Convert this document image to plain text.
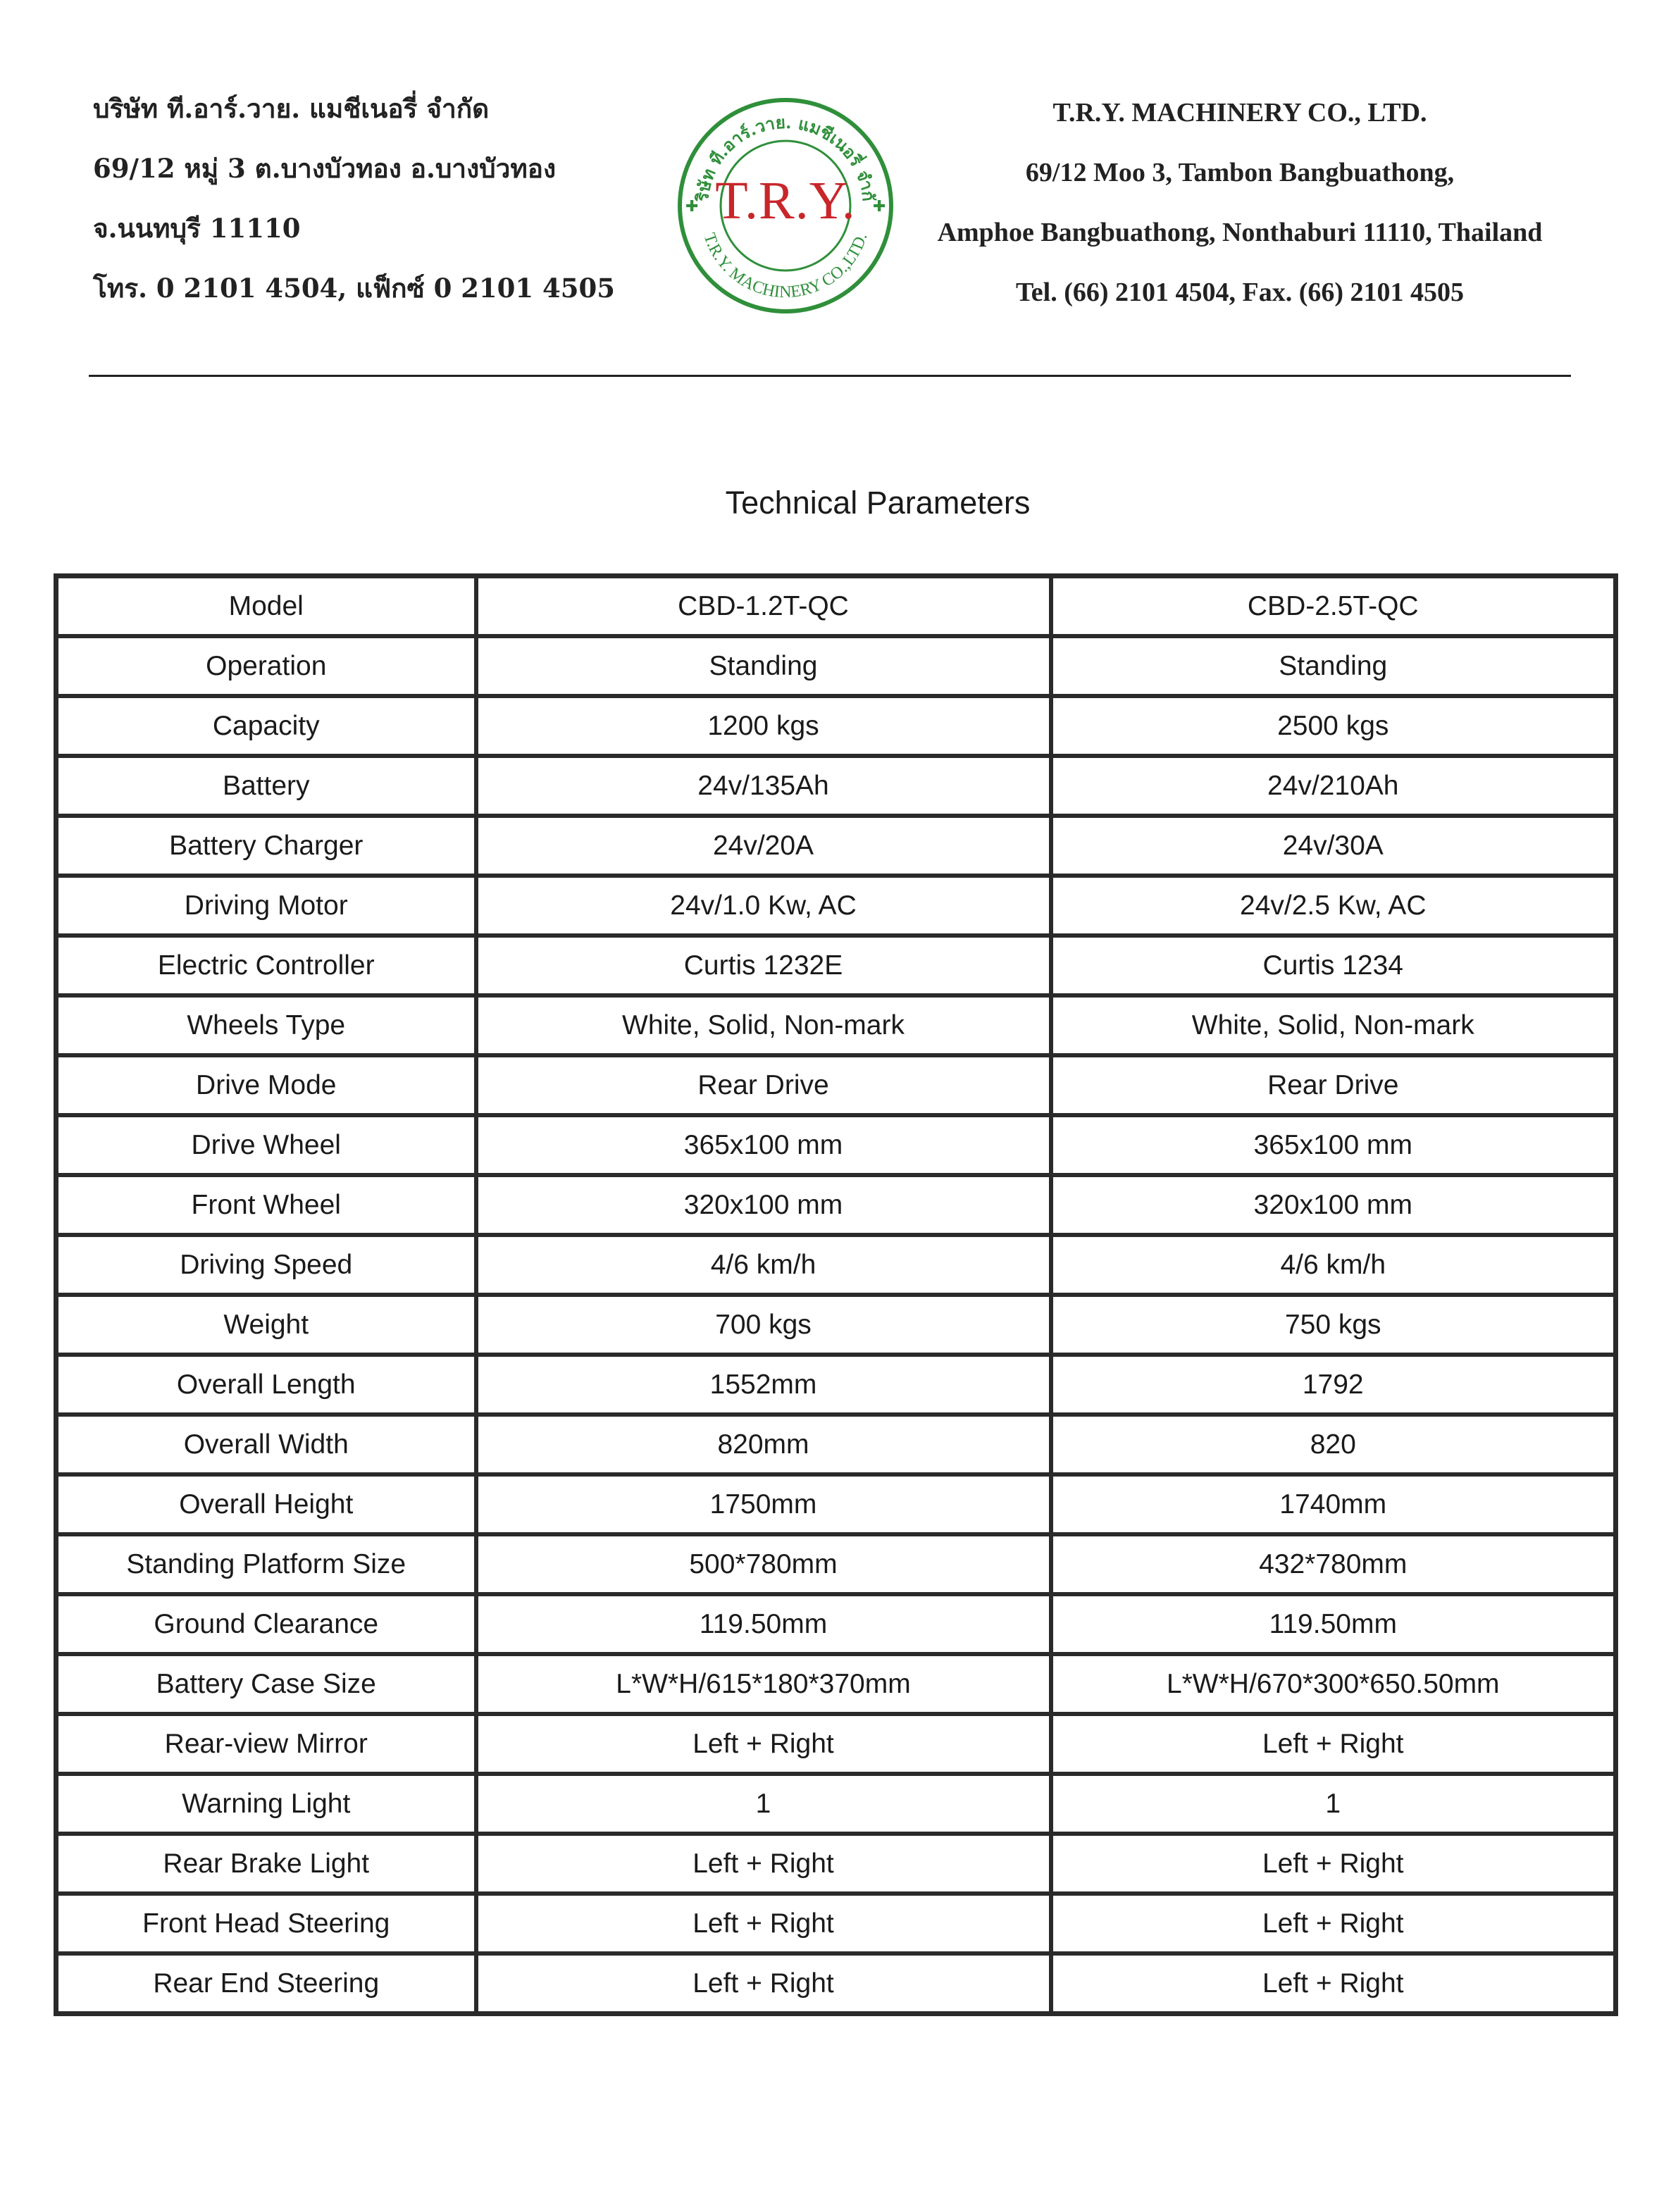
บริษัท ที.อาร์.วาย. แมชีเนอรี่ จำกัด
69/12 หมู่ 3 ต.บางบัวทอง อ.บางบัวทอง
จ.นนทบุรี 11110
โทร. 0 2101 4504, แฟ็กซ์ 0 2101 4505
ริษัท ที.อาร์.วาย. แมชีเนอรี่ จำกั
T.R.Y. MACHINERY CO.,LTD.
✚	✚
T.R.Y.
T.R.Y. MACHINERY CO., LTD.
69/12 Moo 3, Tambon Bangbuathong,
Amphoe Bangbuathong, Nonthaburi 11110, Thailand
Tel. (66) 2101 4504, Fax. (66) 2101 4505
Technical Parameters
Model	CBD-1.2T-QC	CBD-2.5T-QC
Operation	Standing	Standing
Capacity	1200 kgs	2500 kgs
Battery	24v/135Ah	24v/210Ah
Battery Charger	24v/20A	24v/30A
Driving Motor	24v/1.0 Kw, AC	24v/2.5 Kw, AC
Electric Controller	Curtis 1232E	Curtis 1234
Wheels Type	White, Solid, Non-mark	White, Solid, Non-mark
Drive Mode	Rear Drive	Rear Drive
Drive Wheel	365x100 mm	365x100 mm
Front Wheel	320x100 mm	320x100 mm
Driving Speed	4/6 km/h	4/6 km/h
Weight	700 kgs	750 kgs
Overall Length	1552mm	1792
Overall Width	820mm	820
Overall Height	1750mm	1740mm
Standing Platform Size	500*780mm	432*780mm
Ground Clearance	119.50mm	119.50mm
Battery Case Size	L*W*H/615*180*370mm	L*W*H/670*300*650.50mm
Rear-view Mirror	Left + Right	Left + Right
Warning Light	1	1
Rear Brake Light	Left + Right	Left + Right
Front Head Steering	Left + Right	Left + Right
Rear End Steering	Left + Right	Left + Right
